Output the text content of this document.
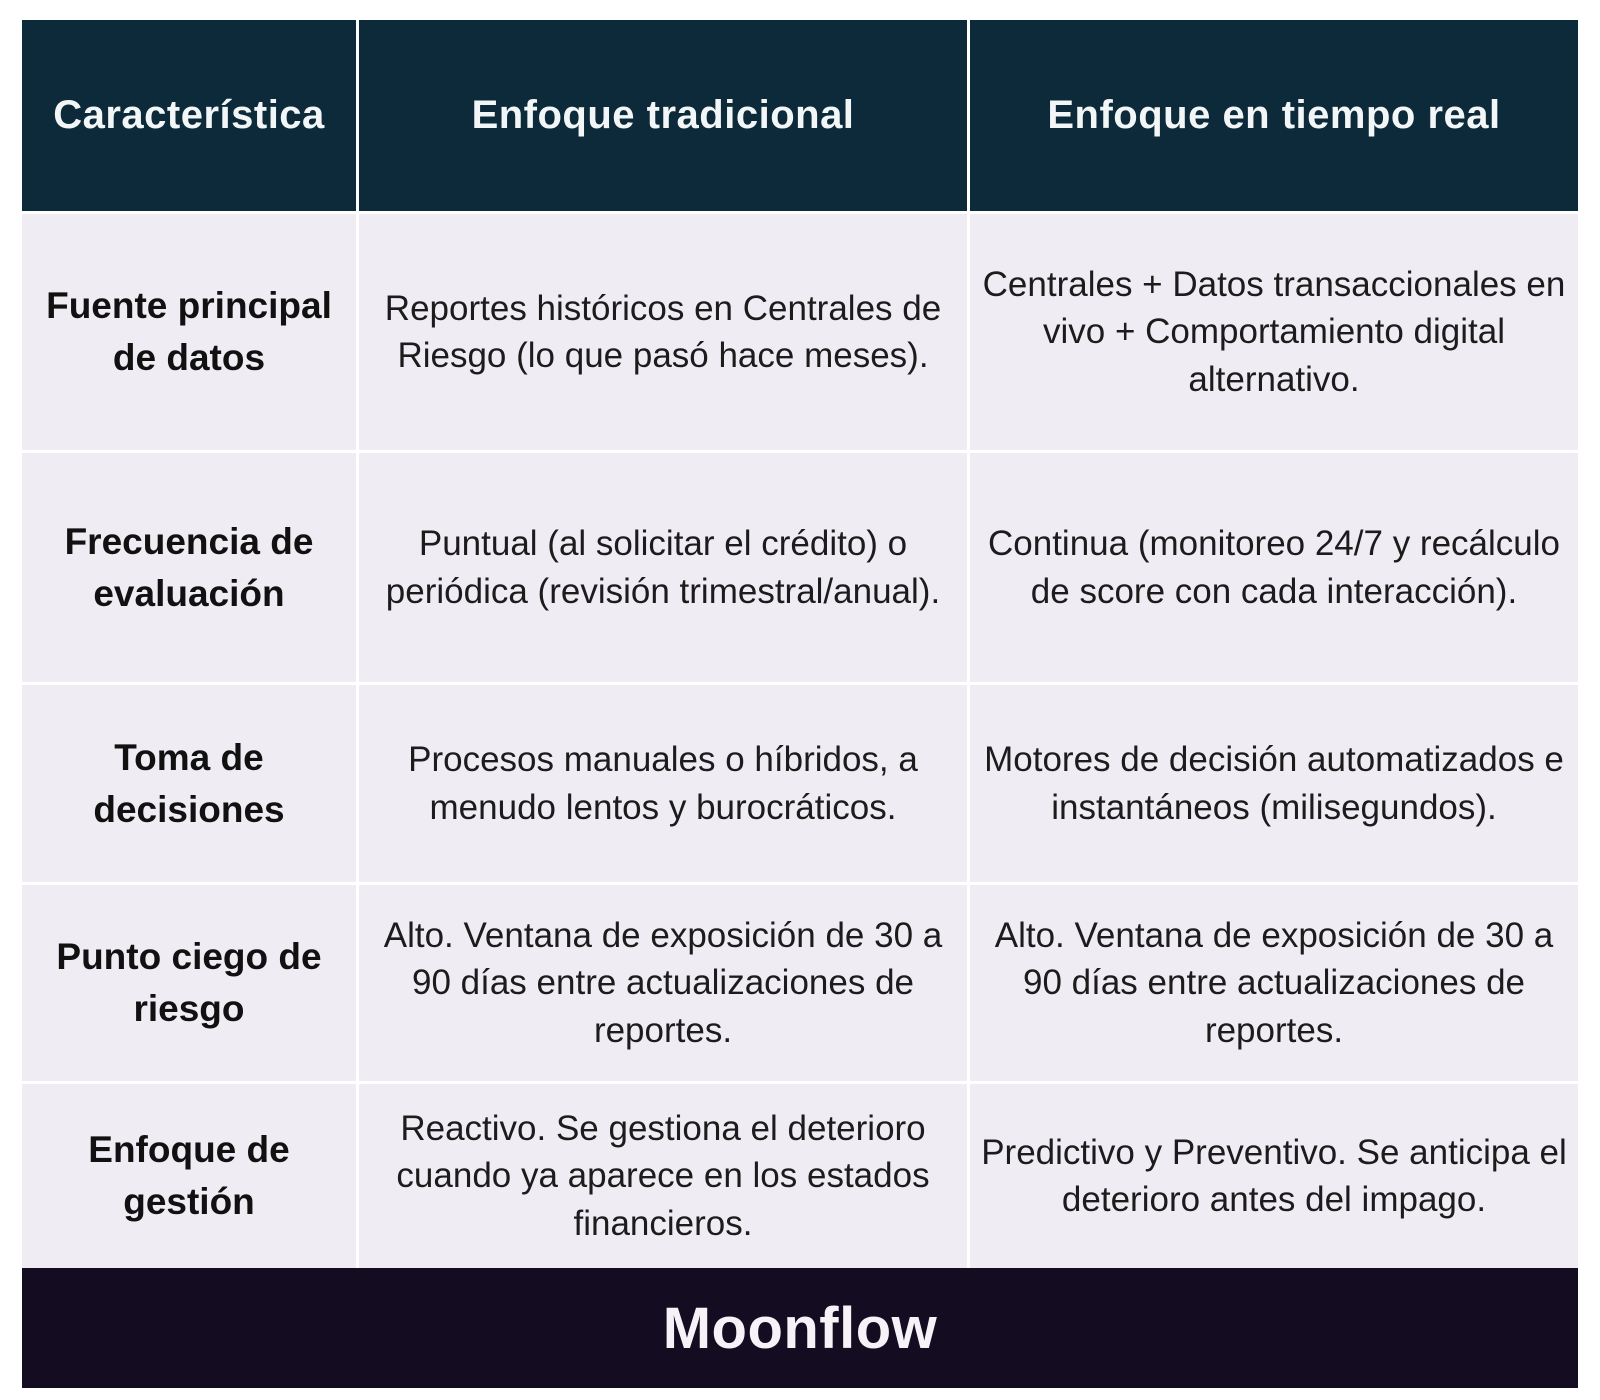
Característica	Enfoque tradicional	Enfoque en tiempo real
Fuente principal de datos
Reportes históricos en Centrales de Riesgo (lo que pasó hace meses).
Centrales + Datos transaccionales en vivo + Comportamiento digital alternativo.
Frecuencia de evaluación
Puntual (al solicitar el crédito) o periódica (revisión trimestral/anual).
Continua (monitoreo 24/7 y recálculo de score con cada interacción).
Toma de decisiones
Procesos manuales o híbridos, a menudo lentos y burocráticos.
Motores de decisión automatizados e instantáneos (milisegundos).
Punto ciego de riesgo
Alto. Ventana de exposición de 30 a 90 días entre actualizaciones de reportes.
Alto. Ventana de exposición de 30 a 90 días entre actualizaciones de reportes.
Enfoque de gestión
Reactivo. Se gestiona el deterioro cuando ya aparece en los estados financieros.
Predictivo y Preventivo. Se anticipa el deterioro antes del impago.
Moonflow
